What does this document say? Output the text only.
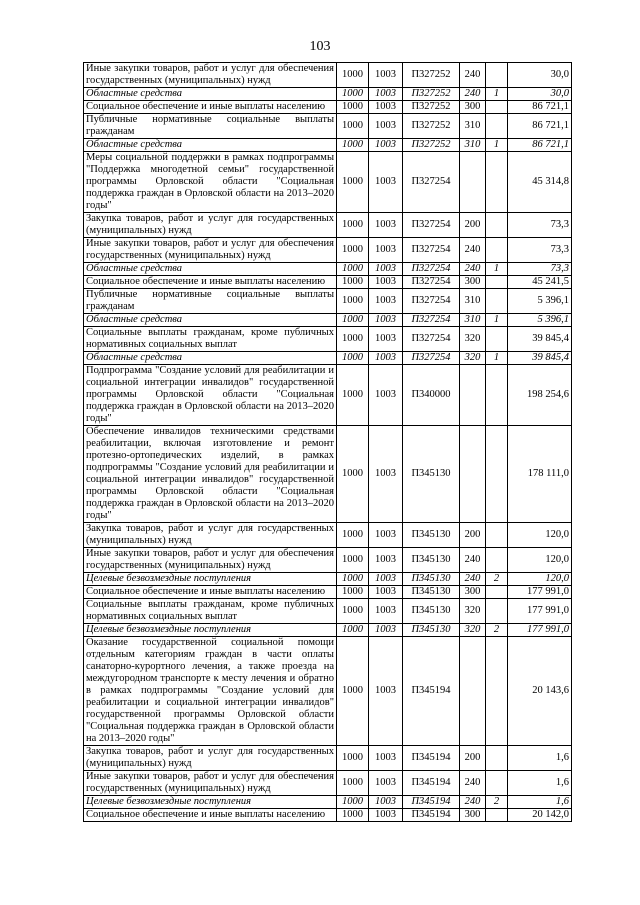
103
Иные закупки товаров, работ и услуг для обеспечения государственных (муниципальных) нужд	1000	1003	П327252	240		30,0
Областные средства	1000	1003	П327252	240	1	30,0
Социальное обеспечение и иные выплаты населению	1000	1003	П327252	300		86 721,1
Публичные нормативные социальные выплаты гражданам	1000	1003	П327252	310		86 721,1
Областные средства	1000	1003	П327252	310	1	86 721,1
Меры социальной поддержки в рамках подпрограммы "Поддержка многодетной семьи" государственной программы Орловской области "Социальная поддержка граждан в Орловской области на 2013–2020 годы"	1000	1003	П327254			45 314,8
Закупка товаров, работ и услуг для государственных (муниципальных) нужд	1000	1003	П327254	200		73,3
Иные закупки товаров, работ и услуг для обеспечения государственных (муниципальных) нужд	1000	1003	П327254	240		73,3
Областные средства	1000	1003	П327254	240	1	73,3
Социальное обеспечение и иные выплаты населению	1000	1003	П327254	300		45 241,5
Публичные нормативные социальные выплаты гражданам	1000	1003	П327254	310		5 396,1
Областные средства	1000	1003	П327254	310	1	5 396,1
Социальные выплаты гражданам, кроме публичных нормативных социальных выплат	1000	1003	П327254	320		39 845,4
Областные средства	1000	1003	П327254	320	1	39 845,4
Подпрограмма "Создание условий для реабилитации и социальной интеграции инвалидов" государственной программы Орловской области "Социальная поддержка граждан в Орловской области на 2013–2020 годы"	1000	1003	П340000			198 254,6
Обеспечение инвалидов техническими средствами реабилитации, включая изготовление и ремонт протезно-ортопедических изделий, в рамках подпрограммы "Создание условий для реабилитации и социальной интеграции инвалидов" государственной программы Орловской области "Социальная поддержка граждан в Орловской области на 2013–2020 годы"	1000	1003	П345130			178 111,0
Закупка товаров, работ и услуг для государственных (муниципальных) нужд	1000	1003	П345130	200		120,0
Иные закупки товаров, работ и услуг для обеспечения государственных (муниципальных) нужд	1000	1003	П345130	240		120,0
Целевые безвозмездные поступления	1000	1003	П345130	240	2	120,0
Социальное обеспечение и иные выплаты населению	1000	1003	П345130	300		177 991,0
Социальные выплаты гражданам, кроме публичных нормативных социальных выплат	1000	1003	П345130	320		177 991,0
Целевые безвозмездные поступления	1000	1003	П345130	320	2	177 991,0
Оказание государственной социальной помощи отдельным категориям граждан в части оплаты санаторно-курортного лечения, а также проезда на междугородном транспорте к месту лечения и обратно в рамках подпрограммы "Создание условий для реабилитации и социальной интеграции инвалидов" государственной программы Орловской области "Социальная поддержка граждан в Орловской области на 2013–2020 годы"	1000	1003	П345194			20 143,6
Закупка товаров, работ и услуг для государственных (муниципальных) нужд	1000	1003	П345194	200		1,6
Иные закупки товаров, работ и услуг для обеспечения государственных (муниципальных) нужд	1000	1003	П345194	240		1,6
Целевые безвозмездные поступления	1000	1003	П345194	240	2	1,6
Социальное обеспечение и иные выплаты населению	1000	1003	П345194	300		20 142,0
